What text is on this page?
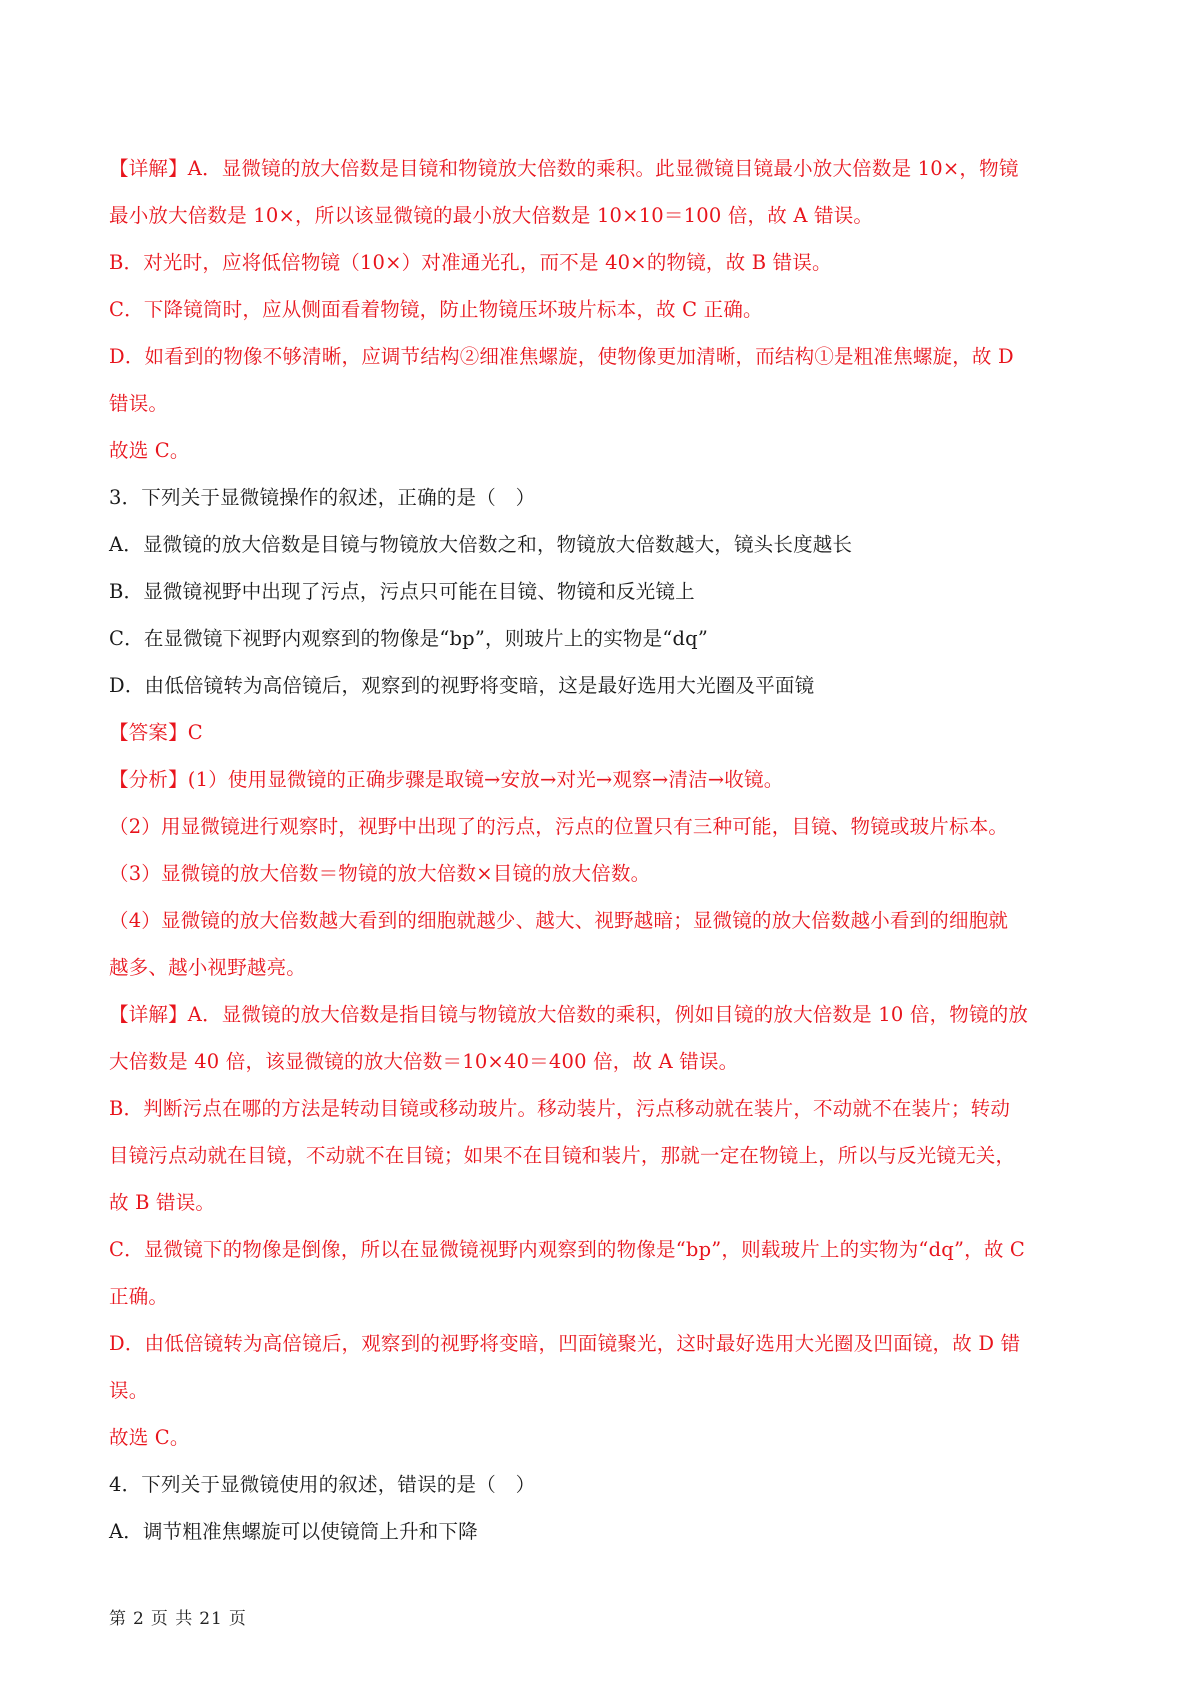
【详解】A．显微镜的放大倍数是目镜和物镜放大倍数的乘积。此显微镜目镜最小放大倍数是 10×，物镜
最小放大倍数是 10×，所以该显微镜的最小放大倍数是 10×10＝100 倍，故 A 错误。
B．对光时，应将低倍物镜（10×）对准通光孔，而不是 40×的物镜，故 B 错误。
C．下降镜筒时，应从侧面看着物镜，防止物镜压坏玻片标本，故 C 正确。
D．如看到的物像不够清晰，应调节结构②细准焦螺旋，使物像更加清晰，而结构①是粗准焦螺旋，故 D
错误。
故选 C。
3．下列关于显微镜操作的叙述，正确的是（　）
A．显微镜的放大倍数是目镜与物镜放大倍数之和，物镜放大倍数越大，镜头长度越长
B．显微镜视野中出现了污点，污点只可能在目镜、物镜和反光镜上
C．在显微镜下视野内观察到的物像是“bp”，则玻片上的实物是“dq”
D．由低倍镜转为高倍镜后，观察到的视野将变暗，这是最好选用大光圈及平面镜
【答案】C
【分析】(1）使用显微镜的正确步骤是取镜→安放→对光→观察→清洁→收镜。
（2）用显微镜进行观察时，视野中出现了的污点，污点的位置只有三种可能，目镜、物镜或玻片标本。
（3）显微镜的放大倍数＝物镜的放大倍数×目镜的放大倍数。
（4）显微镜的放大倍数越大看到的细胞就越少、越大、视野越暗；显微镜的放大倍数越小看到的细胞就
越多、越小视野越亮。
【详解】A．显微镜的放大倍数是指目镜与物镜放大倍数的乘积，例如目镜的放大倍数是 10 倍，物镜的放
大倍数是 40 倍，该显微镜的放大倍数＝10×40＝400 倍，故 A 错误。
B．判断污点在哪的方法是转动目镜或移动玻片。移动装片，污点移动就在装片，不动就不在装片；转动
目镜污点动就在目镜，不动就不在目镜；如果不在目镜和装片，那就一定在物镜上，所以与反光镜无关，
故 B 错误。
C．显微镜下的物像是倒像，所以在显微镜视野内观察到的物像是“bp”，则载玻片上的实物为“dq”，故 C
正确。
D．由低倍镜转为高倍镜后，观察到的视野将变暗，凹面镜聚光，这时最好选用大光圈及凹面镜，故 D 错
误。
故选 C。
4．下列关于显微镜使用的叙述，错误的是（　）
A．调节粗准焦螺旋可以使镜筒上升和下降
第 2 页 共 21 页
